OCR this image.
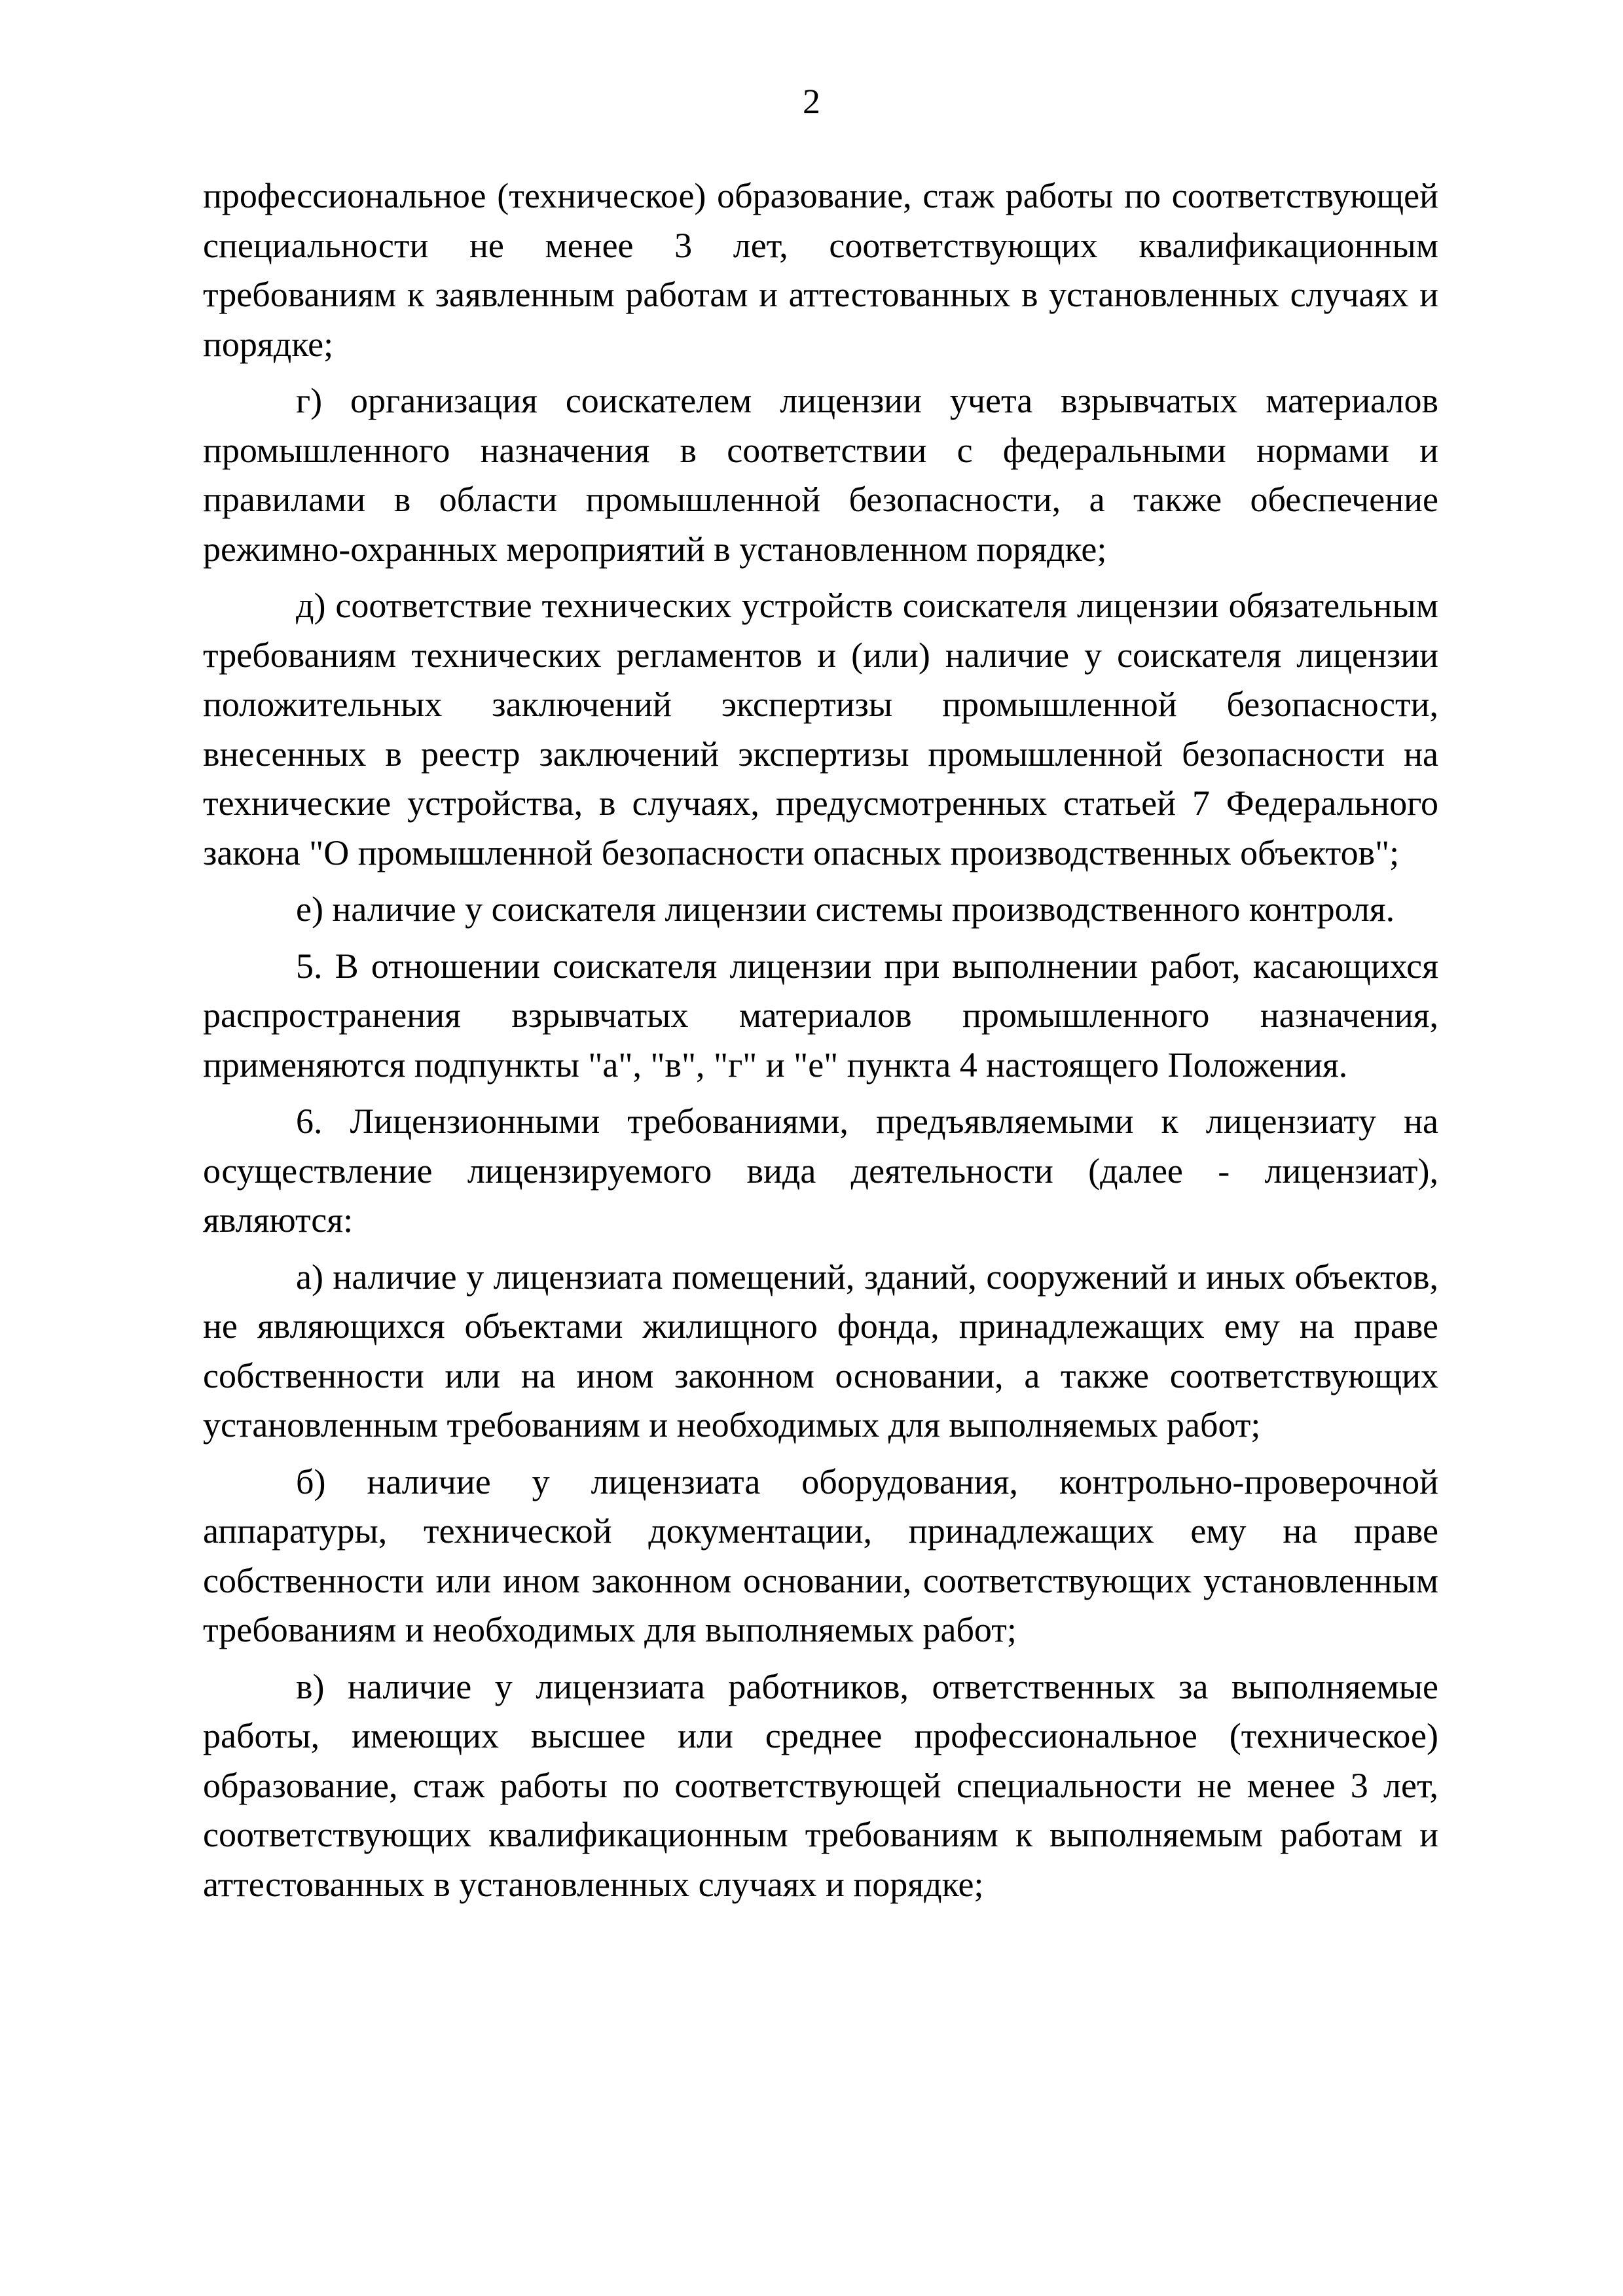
2

профессиональное (техническое) образование, стаж работы по соответствующей специальности не менее 3 лет, соответствующих квалификационным требованиям к заявленным работам и аттестованных в установленных случаях и порядке;

г) организация соискателем лицензии учета взрывчатых материалов промышленного назначения в соответствии с федеральными нормами и правилами в области промышленной безопасности, а также обеспечение режимно-охранных мероприятий в установленном порядке;

д) соответствие технических устройств соискателя лицензии обязательным требованиям технических регламентов и (или) наличие у соискателя лицензии положительных заключений экспертизы промышленной безопасности, внесенных в реестр заключений экспертизы промышленной безопасности на технические устройства, в случаях, предусмотренных статьей 7 Федерального закона "О промышленной безопасности опасных производственных объектов";

е) наличие у соискателя лицензии системы производственного контроля.

5. В отношении соискателя лицензии при выполнении работ, касающихся распространения взрывчатых материалов промышленного назначения, применяются подпункты "а", "в", "г" и "е" пункта 4 настоящего Положения.

6. Лицензионными требованиями, предъявляемыми к лицензиату на осуществление лицензируемого вида деятельности (далее - лицензиат), являются:

а) наличие у лицензиата помещений, зданий, сооружений и иных объектов, не являющихся объектами жилищного фонда, принадлежащих ему на праве собственности или на ином законном основании, а также соответствующих установленным требованиям и необходимых для выполняемых работ;

б) наличие у лицензиата оборудования, контрольно-проверочной аппаратуры, технической документации, принадлежащих ему на праве собственности или ином законном основании, соответствующих установленным требованиям и необходимых для выполняемых работ;

в) наличие у лицензиата работников, ответственных за выполняемые работы, имеющих высшее или среднее профессиональное (техническое) образование, стаж работы по соответствующей специальности не менее 3 лет, соответствующих квалификационным требованиям к выполняемым работам и аттестованных в установленных случаях и порядке;
